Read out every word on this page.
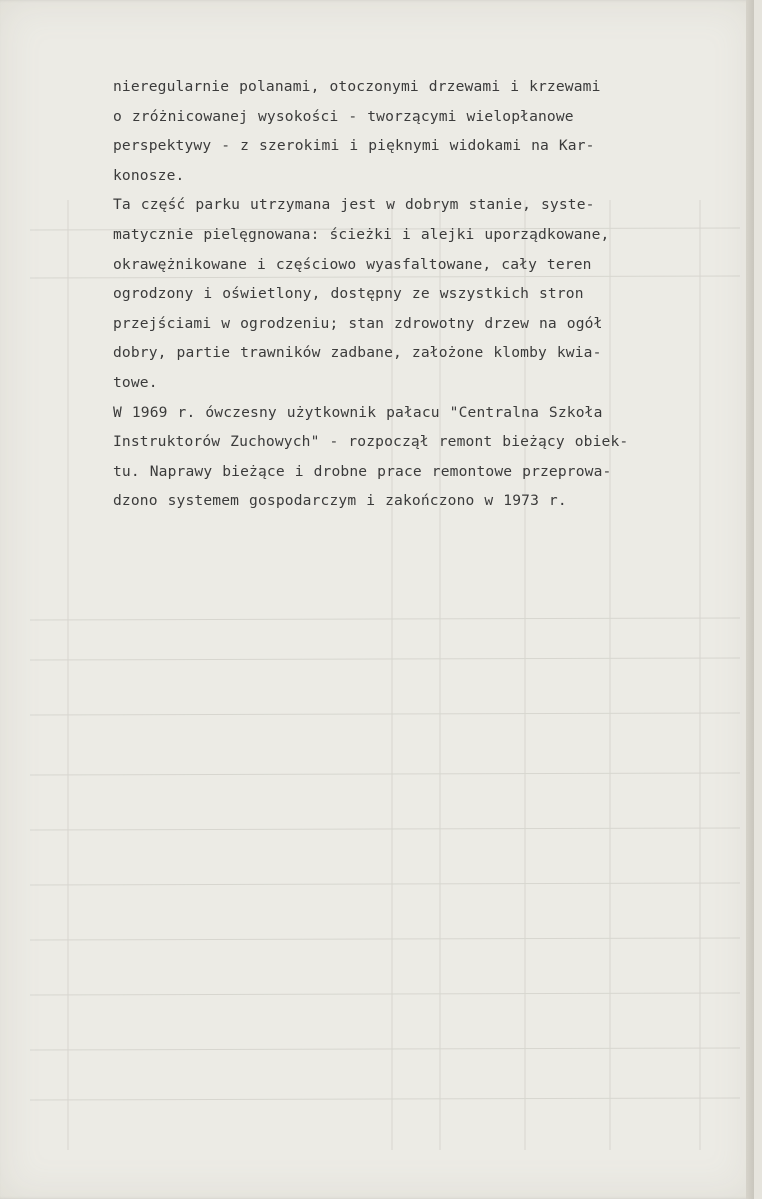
nieregularnie polanami, otoczonymi drzewami i krzewami
o zróżnicowanej wysokości - tworzącymi wielopłanowe
perspektywy - z szerokimi i pięknymi widokami na Kar-
konosze.
Ta część parku utrzymana jest w dobrym stanie, syste-
matycznie pielęgnowana: ścieżki i alejki uporządkowane,
okrawężnikowane i częściowo wyasfaltowane, cały teren
ogrodzony i oświetlony, dostępny ze wszystkich stron
przejściami w ogrodzeniu; stan zdrowotny drzew na ogół
dobry, partie trawników zadbane, założone klomby kwia-
towe.
W 1969 r. ówczesny użytkownik pałacu "Centralna Szkoła
Instruktorów Zuchowych" - rozpoczął remont bieżący obiek-
tu. Naprawy bieżące i drobne prace remontowe przeprowa-
dzono systemem gospodarczym i zakończono w 1973 r.
